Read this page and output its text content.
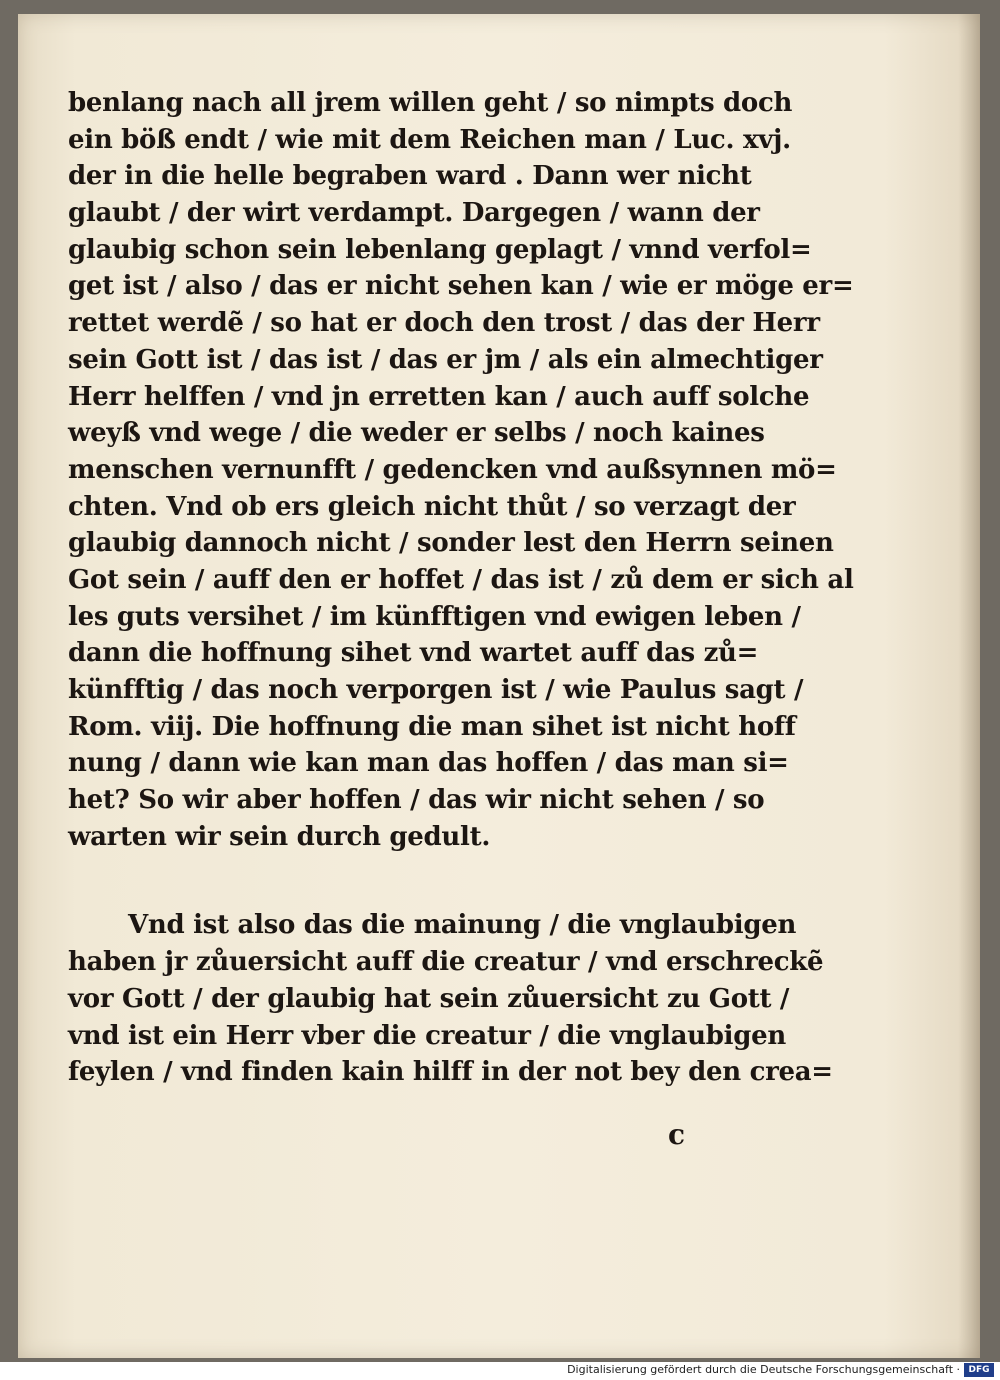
benlang nach all jrem willen geht / so nimpts doch
ein böß endt / wie mit dem Reichen man / Luc. xvj.
der in die helle begraben ward . Dann wer nicht
glaubt / der wirt verdampt. Dargegen / wann der
glaubig schon sein lebenlang geplagt / vnnd verfol=
get ist / also / das er nicht sehen kan / wie er möge er=
rettet werdẽ / so hat er doch den trost / das der Herr
sein Gott ist / das ist / das er jm / als ein almechtiger
Herr helffen / vnd jn erretten kan / auch auff solche
weyß vnd wege / die weder er selbs / noch kaines
menschen vernunfft / gedencken vnd außsynnen mö=
chten. Vnd ob ers gleich nicht thůt / so verzagt der
glaubig dannoch nicht / sonder lest den Herrn seinen
Got sein / auff den er hoffet / das ist / zů dem er sich al
les guts versihet / im künfftigen vnd ewigen leben /
dann die hoffnung sihet vnd wartet auff das zů=
künfftig / das noch verporgen ist / wie Paulus sagt /
Rom. viij. Die hoffnung die man sihet ist nicht hoff
nung / dann wie kan man das hoffen / das man si=
het? So wir aber hoffen / das wir nicht sehen / so
warten wir sein durch gedult.
Vnd ist also das die mainung / die vnglaubigen
haben jr zůuersicht auff die creatur / vnd erschreckẽ
vor Gott / der glaubig hat sein zůuersicht zu Gott /
vnd ist ein Herr vber die creatur / die vnglaubigen
feylen / vnd finden kain hilff in der not bey den crea=
c
Digitalisierung gefördert durch die Deutsche Forschungsgemeinschaft · DFG
